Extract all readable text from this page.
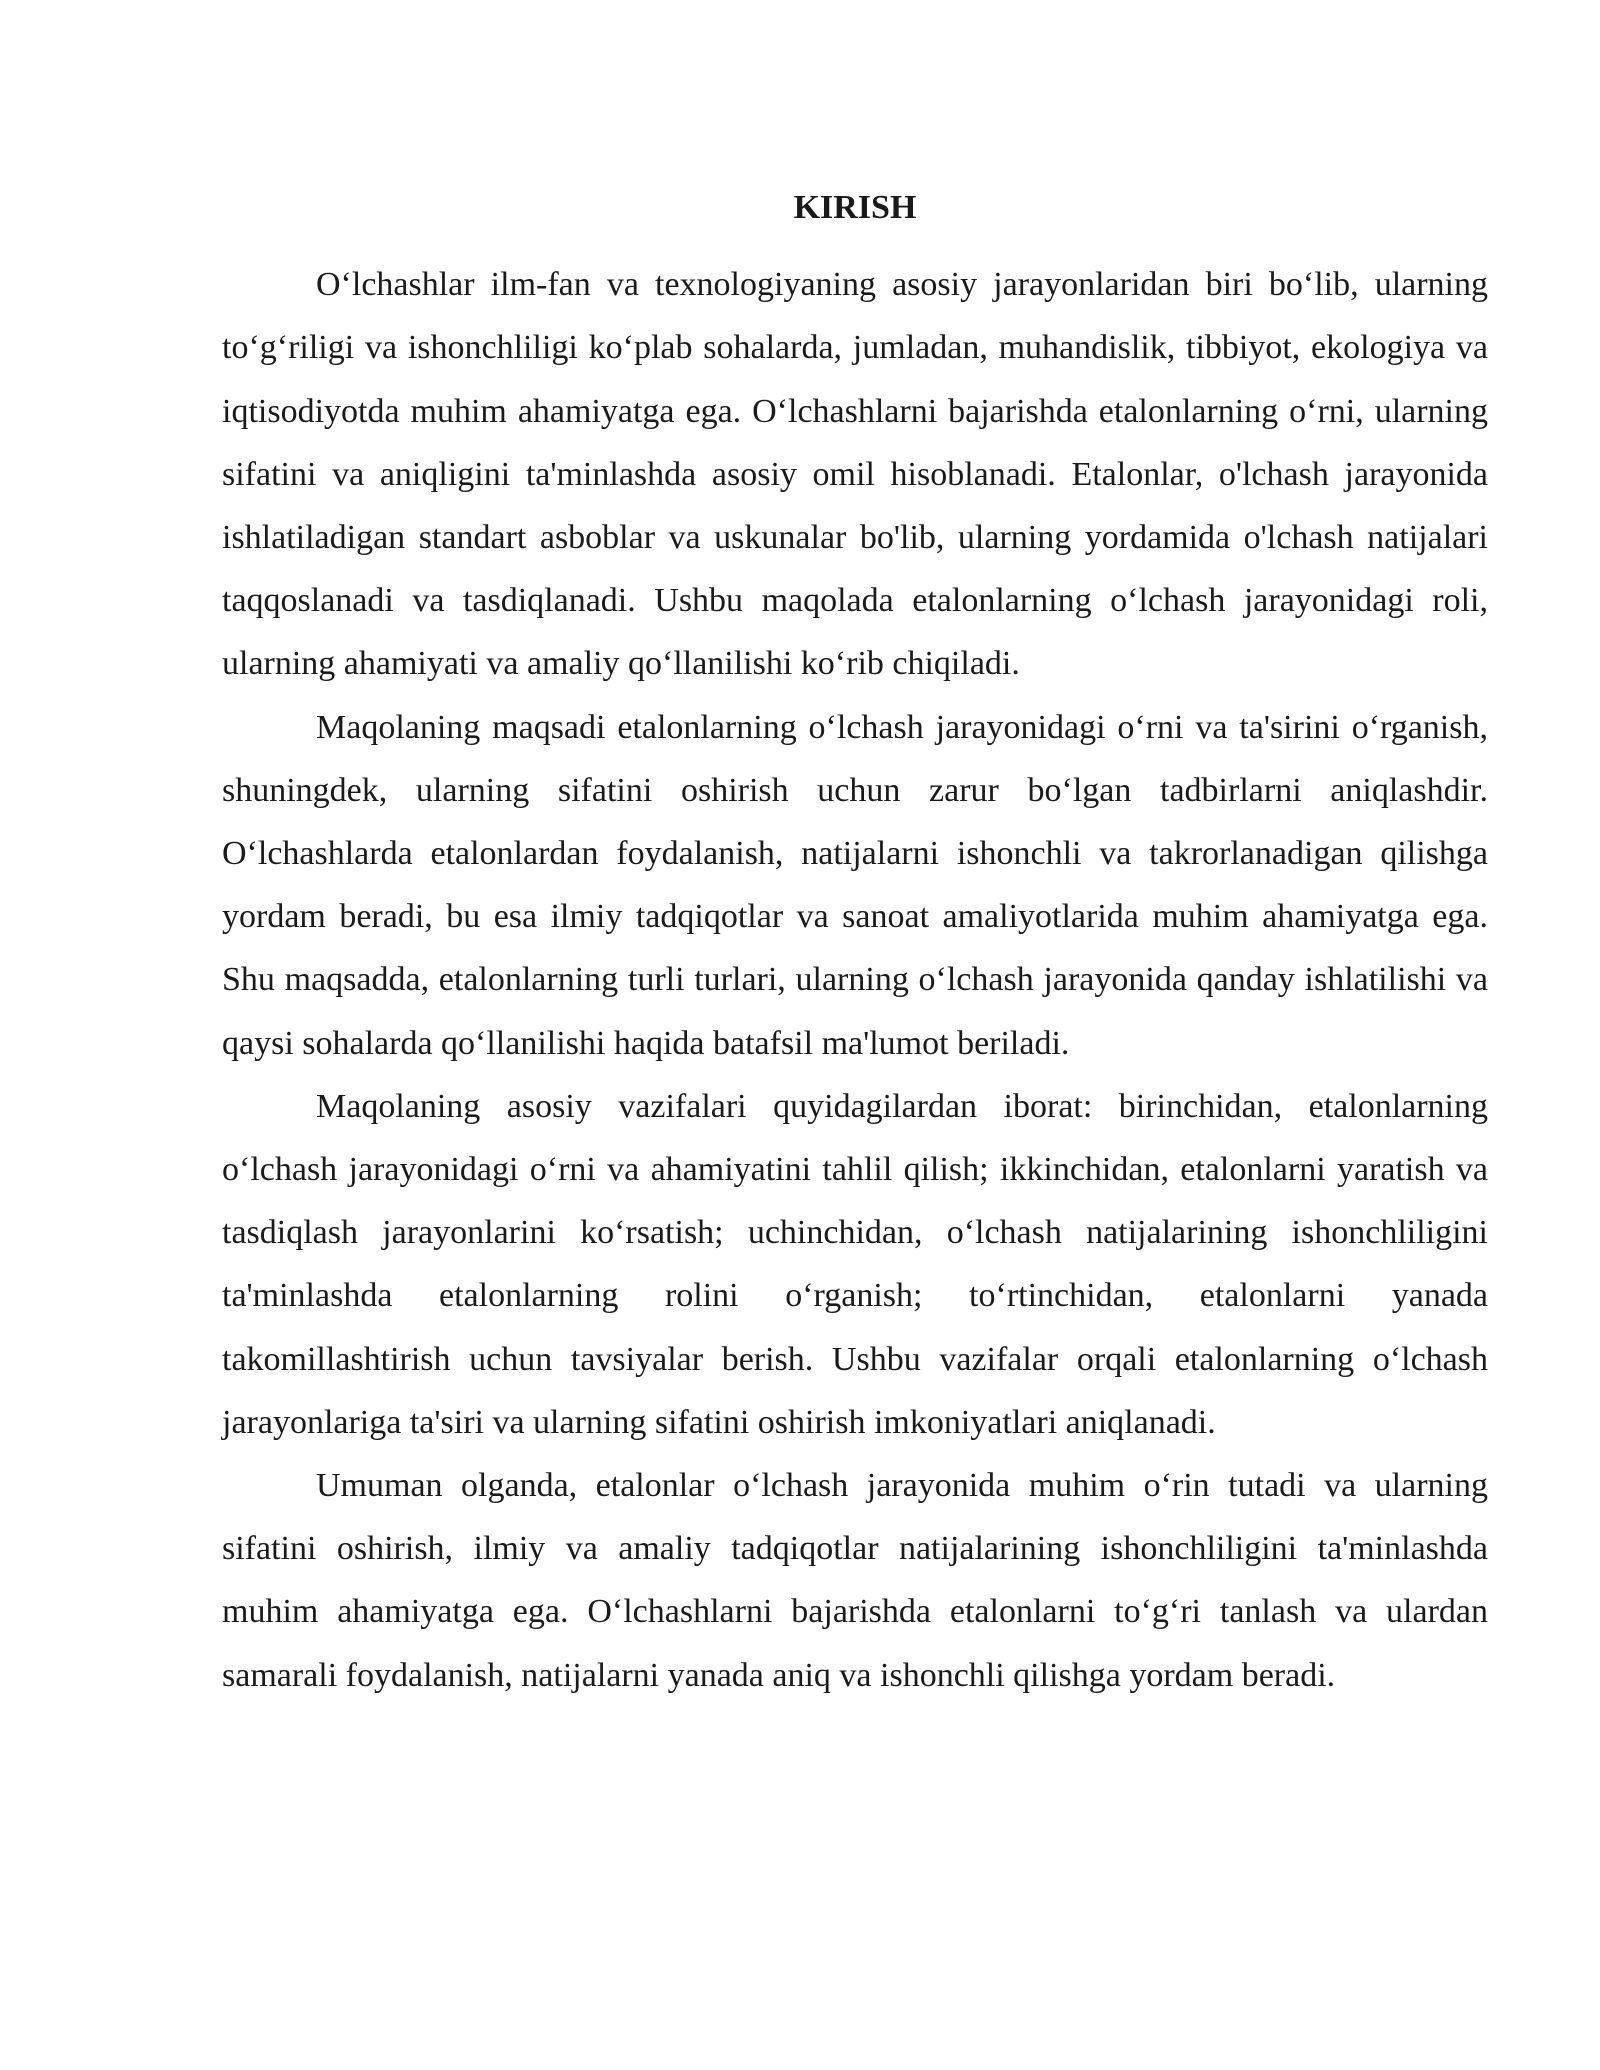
KIRISH

O‘lchashlar ilm-fan va texnologiyaning asosiy jarayonlaridan biri bo‘lib, ularning to‘g‘riligi va ishonchliligi ko‘plab sohalarda, jumladan, muhandislik, tibbiyot, ekologiya va iqtisodiyotda muhim ahamiyatga ega. O‘lchashlarni bajarishda etalonlarning o‘rni, ularning sifatini va aniqligini ta'minlashda asosiy omil hisoblanadi. Etalonlar, o'lchash jarayonida ishlatiladigan standart asboblar va uskunalar bo'lib, ularning yordamida o'lchash natijalari taqqoslanadi va tasdiqlanadi. Ushbu maqolada etalonlarning o‘lchash jarayonidagi roli, ularning ahamiyati va amaliy qo‘llanilishi ko‘rib chiqiladi.

Maqolaning maqsadi etalonlarning o‘lchash jarayonidagi o‘rni va ta'sirini o‘rganish, shuningdek, ularning sifatini oshirish uchun zarur bo‘lgan tadbirlarni aniqlashdir. O‘lchashlarda etalonlardan foydalanish, natijalarni ishonchli va takrorlanadigan qilishga yordam beradi, bu esa ilmiy tadqiqotlar va sanoat amaliyotlarida muhim ahamiyatga ega. Shu maqsadda, etalonlarning turli turlari, ularning o‘lchash jarayonida qanday ishlatilishi va qaysi sohalarda qo‘llanilishi haqida batafsil ma'lumot beriladi.

Maqolaning asosiy vazifalari quyidagilardan iborat: birinchidan, etalonlarning o‘lchash jarayonidagi o‘rni va ahamiyatini tahlil qilish; ikkinchidan, etalonlarni yaratish va tasdiqlash jarayonlarini ko‘rsatish; uchinchidan, o‘lchash natijalarining ishonchliligini ta'minlashda etalonlarning rolini o‘rganish; to‘rtinchidan, etalonlarni yanada takomillashtirish uchun tavsiyalar berish. Ushbu vazifalar orqali etalonlarning o‘lchash jarayonlariga ta'siri va ularning sifatini oshirish imkoniyatlari aniqlanadi.

Umuman olganda, etalonlar o‘lchash jarayonida muhim o‘rin tutadi va ularning sifatini oshirish, ilmiy va amaliy tadqiqotlar natijalarining ishonchliligini ta'minlashda muhim ahamiyatga ega. O‘lchashlarni bajarishda etalonlarni to‘g‘ri tanlash va ulardan samarali foydalanish, natijalarni yanada aniq va ishonchli qilishga yordam beradi.
